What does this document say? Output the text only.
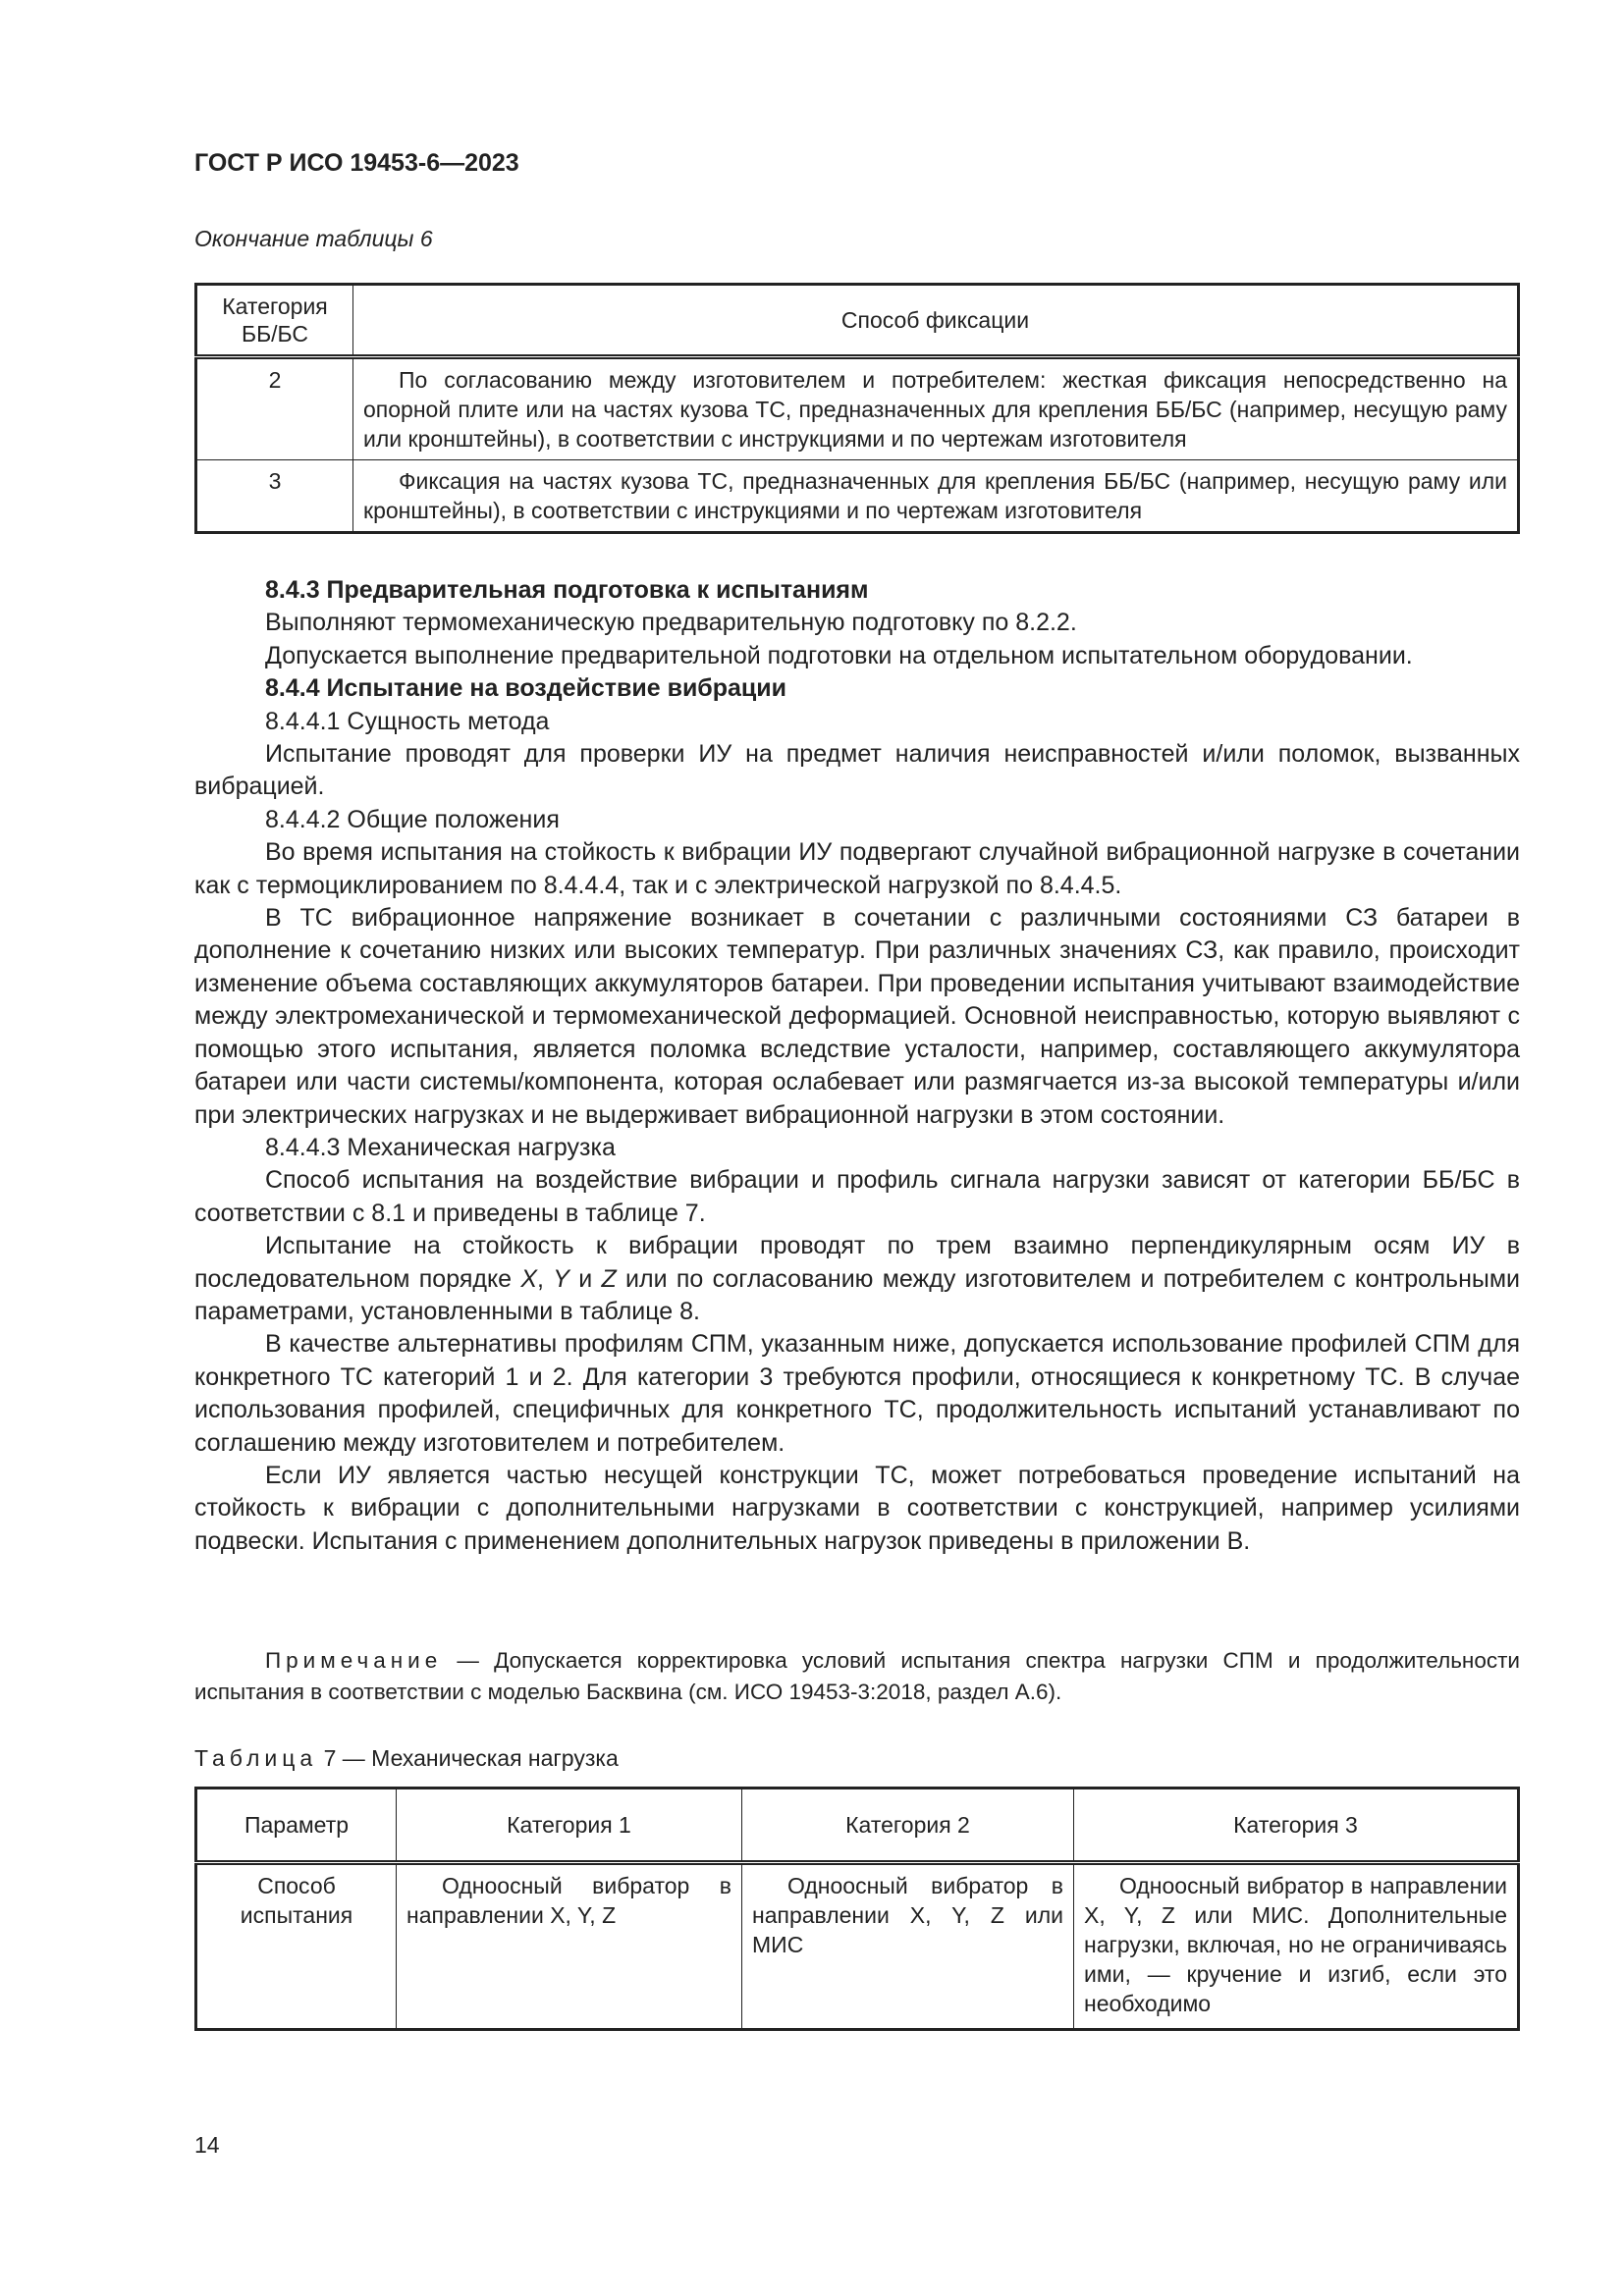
ГОСТ Р ИСО 19453-6—2023
Окончание таблицы 6
Категория ББ/БС	Способ фиксации
2	По согласованию между изготовителем и потребителем: жесткая фиксация непосредственно на опорной плите или на частях кузова ТС, предназначенных для крепления ББ/БС (например, несущую раму или кронштейны), в соответствии с инструкциями и по чертежам изготовителя
3	Фиксация на частях кузова ТС, предназначенных для крепления ББ/БС (например, несущую раму или кронштейны), в соответствии с инструкциями и по чертежам изготовителя

8.4.3 Предварительная подготовка к испытаниям

Выполняют термомеханическую предварительную подготовку по 8.2.2.

Допускается выполнение предварительной подготовки на отдельном испытательном оборудовании.

8.4.4 Испытание на воздействие вибрации

8.4.4.1 Сущность метода

Испытание проводят для проверки ИУ на предмет наличия неисправностей и/или поломок, вызванных вибрацией.

8.4.4.2 Общие положения

Во время испытания на стойкость к вибрации ИУ подвергают случайной вибрационной нагрузке в сочетании как с термоциклированием по 8.4.4.4, так и с электрической нагрузкой по 8.4.4.5.

В ТС вибрационное напряжение возникает в сочетании с различными состояниями СЗ батареи в дополнение к сочетанию низких или высоких температур. При различных значениях СЗ, как правило, происходит изменение объема составляющих аккумуляторов батареи. При проведении испытания учитывают взаимодействие между электромеханической и термомеханической деформацией. Основной неисправностью, которую выявляют с помощью этого испытания, является поломка вследствие усталости, например, составляющего аккумулятора батареи или части системы/компонента, которая ослабевает или размягчается из-за высокой температуры и/или при электрических нагрузках и не выдерживает вибрационной нагрузки в этом состоянии.

8.4.4.3 Механическая нагрузка

Способ испытания на воздействие вибрации и профиль сигнала нагрузки зависят от категории ББ/БС в соответствии с 8.1 и приведены в таблице 7.

Испытание на стойкость к вибрации проводят по трем взаимно перпендикулярным осям ИУ в последовательном порядке X, Y и Z или по согласованию между изготовителем и потребителем с контрольными параметрами, установленными в таблице 8.

В качестве альтернативы профилям СПМ, указанным ниже, допускается использование профилей СПМ для конкретного ТС категорий 1 и 2. Для категории 3 требуются профили, относящиеся к конкретному ТС. В случае использования профилей, специфичных для конкретного ТС, продолжительность испытаний устанавливают по соглашению между изготовителем и потребителем.

Если ИУ является частью несущей конструкции ТС, может потребоваться проведение испытаний на стойкость к вибрации с дополнительными нагрузками в соответствии с конструкцией, например усилиями подвески. Испытания с применением дополнительных нагрузок приведены в приложении В.

Примечание — Допускается корректировка условий испытания спектра нагрузки СПМ и продолжительности испытания в соответствии с моделью Басквина (см. ИСО 19453-3:2018, раздел А.6).
Таблица 7 — Механическая нагрузка
Параметр	Категория 1	Категория 2	Категория 3
Способ испытания	Одноосный вибратор в направлении X, Y, Z	Одноосный вибратор в направлении X, Y, Z или МИС	Одноосный вибратор в направлении X, Y, Z или МИС. Дополнительные нагрузки, включая, но не ограничиваясь ими, — кручение и изгиб, если это необходимо
14
